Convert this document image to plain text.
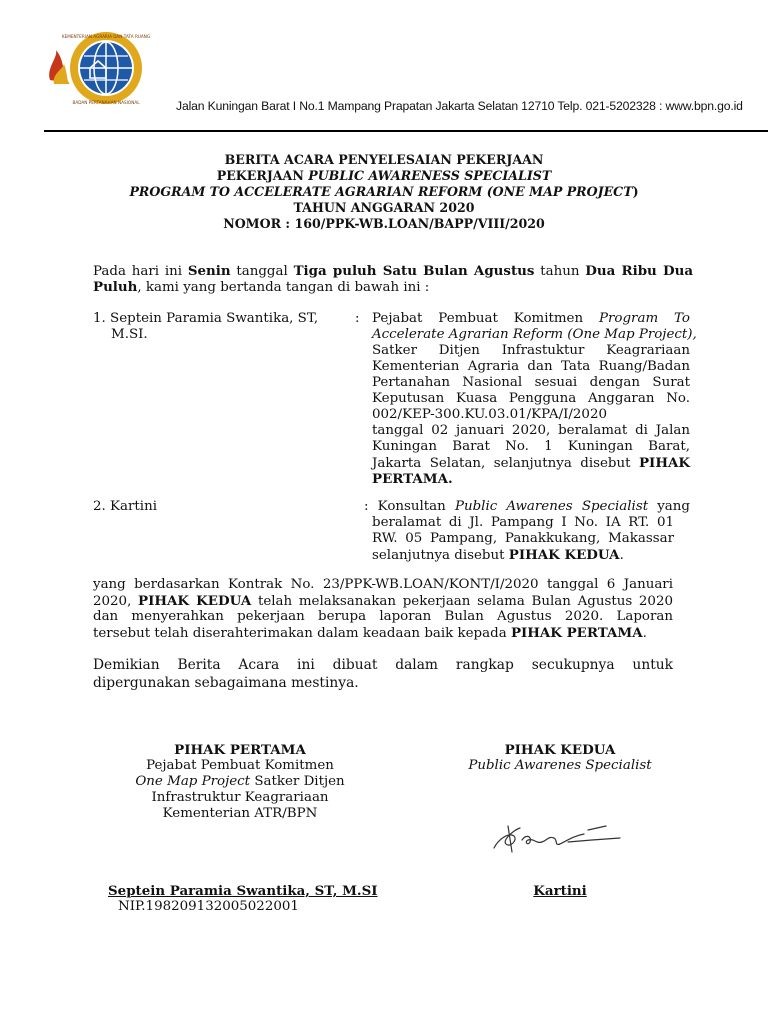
KEMENTERIAN AGRARIA DAN TATA RUANG
BADAN PERTANAHAN NASIONAL	Jalan Kuningan Barat I No.1 Mampang Prapatan Jakarta Selatan 12710 Telp. 021-5202328 : www.bpn.go.id
BERITA ACARA PENYELESAIAN PEKERJAAN
PEKERJAAN PUBLIC AWARENESS SPECIALIST
PROGRAM TO ACCELERATE AGRARIAN REFORM (ONE MAP PROJECT)
TAHUN ANGGARAN 2020
NOMOR : 160/PPK-WB.LOAN/BAPP/VIII/2020
Pada hari ini Senin tanggal Tiga puluh Satu Bulan Agustus tahun Dua Ribu Dua
Puluh, kami yang bertanda tangan di bawah ini :
1. Septein Paramia Swantika, ST,
M.SI.
: Pejabat Pembuat Komitmen Program To
Accelerate Agrarian Reform (One Map Project),
Satker Ditjen Infrastuktur Keagrariaan
Kementerian Agraria dan Tata Ruang/Badan
Pertanahan Nasional sesuai dengan Surat
Keputusan Kuasa Pengguna Anggaran No.
002/KEP-300.KU.03.01/KPA/I/2020
tanggal 02 januari 2020, beralamat di Jalan
Kuningan Barat No. 1 Kuningan Barat,
Jakarta Selatan, selanjutnya disebut PIHAK
PERTAMA.
2. Kartini	: Konsultan Public Awarenes Specialist yang
beralamat di Jl. Pampang I No. IA RT. 01
RW. 05 Pampang, Panakkukang, Makassar
selanjutnya disebut PIHAK KEDUA.
yang berdasarkan Kontrak No. 23/PPK-WB.LOAN/KONT/I/2020 tanggal 6 Januari
2020, PIHAK KEDUA telah melaksanakan pekerjaan selama Bulan Agustus 2020
dan menyerahkan pekerjaan berupa laporan Bulan Agustus 2020. Laporan
tersebut telah diserahterimakan dalam keadaan baik kepada PIHAK PERTAMA.
Demikian Berita Acara ini dibuat dalam rangkap secukupnya untuk
dipergunakan sebagaimana mestinya.
PIHAK PERTAMA
Pejabat Pembuat Komitmen
One Map Project Satker Ditjen
Infrastruktur Keagrariaan
Kementerian ATR/BPN
Septein Paramia Swantika, ST, M.SI
NIP.198209132005022001
PIHAK KEDUA
Public Awarenes Specialist
Kartini
